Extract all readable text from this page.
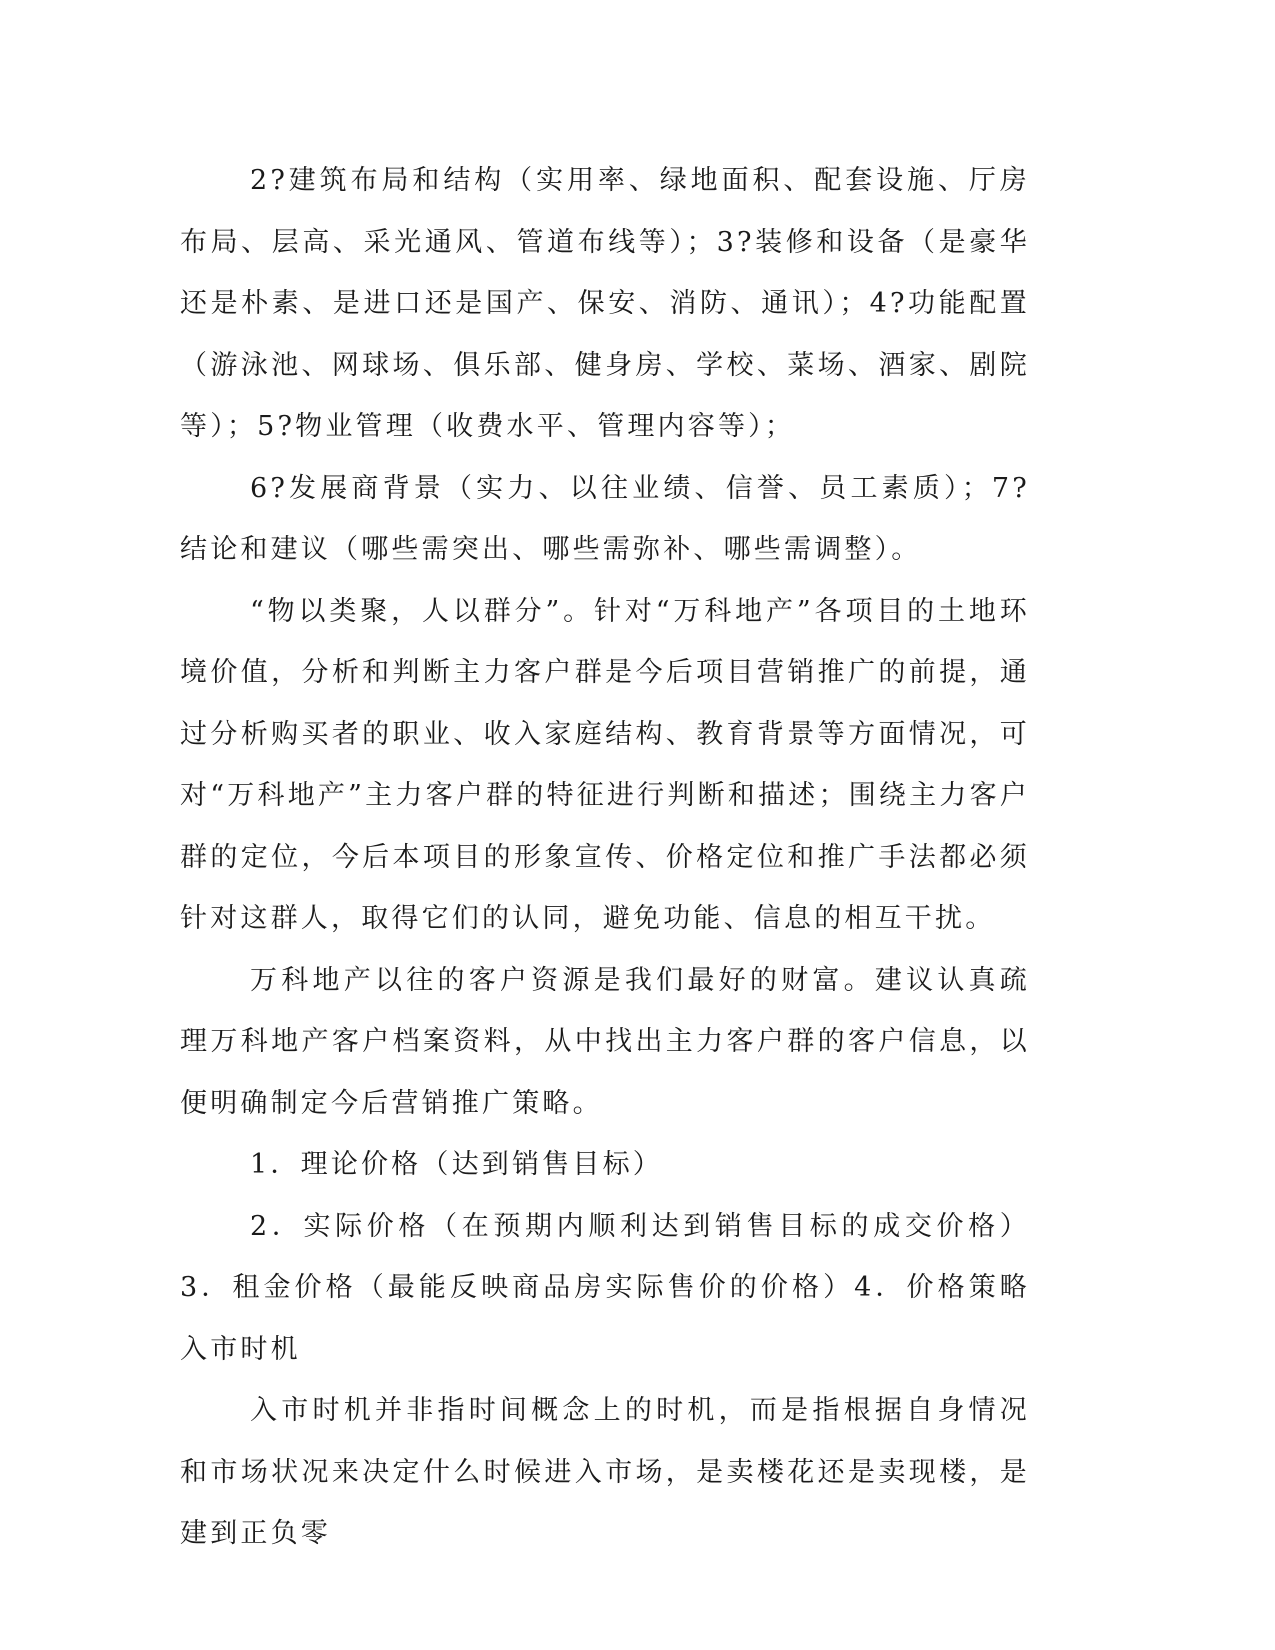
2?建筑布局和结构（实用率、绿地面积、配套设施、厅房布局、层高、采光通风、管道布线等）；3?装修和设备（是豪华还是朴素、是进口还是国产、保安、消防、通讯）；4?功能配置（游泳池、网球场、俱乐部、健身房、学校、菜场、酒家、剧院等）；5?物业管理（收费水平、管理内容等）；

6?发展商背景（实力、以往业绩、信誉、员工素质）；7?结论和建议（哪些需突出、哪些需弥补、哪些需调整）。

“物以类聚，人以群分”。针对“万科地产”各项目的土地环境价值，分析和判断主力客户群是今后项目营销推广的前提，通过分析购买者的职业、收入家庭结构、教育背景等方面情况，可对“万科地产”主力客户群的特征进行判断和描述；围绕主力客户群的定位，今后本项目的形象宣传、价格定位和推广手法都必须针对这群人，取得它们的认同，避免功能、信息的相互干扰。

万科地产以往的客户资源是我们最好的财富。建议认真疏理万科地产客户档案资料，从中找出主力客户群的客户信息，以便明确制定今后营销推广策略。

1．理论价格（达到销售目标）

2．实际价格（在预期内顺利达到销售目标的成交价格）3．租金价格（最能反映商品房实际售价的价格）4．价格策略入市时机

入市时机并非指时间概念上的时机，而是指根据自身情况和市场状况来决定什么时候进入市场，是卖楼花还是卖现楼，是建到正负零
